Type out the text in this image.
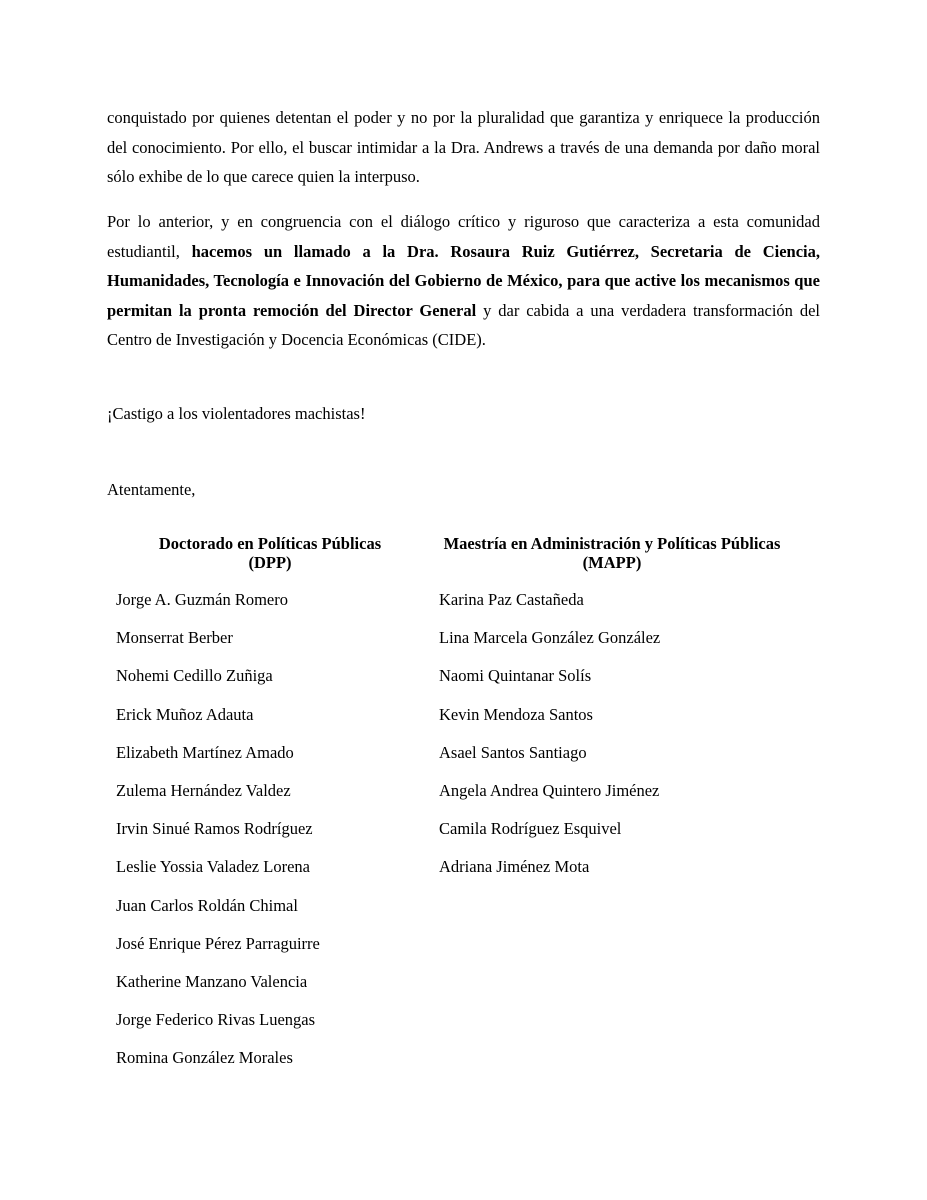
conquistado por quienes detentan el poder y no por la pluralidad que garantiza y enriquece la producción del conocimiento. Por ello, el buscar intimidar a la Dra. Andrews a través de una demanda por daño moral sólo exhibe de lo que carece quien la interpuso.

Por lo anterior, y en congruencia con el diálogo crítico y riguroso que caracteriza a esta comunidad estudiantil, hacemos un llamado a la Dra. Rosaura Ruiz Gutiérrez, Secretaria de Ciencia, Humanidades, Tecnología e Innovación del Gobierno de México, para que active los mecanismos que permitan la pronta remoción del Director General y dar cabida a una verdadera transformación del Centro de Investigación y Docencia Económicas (CIDE).

¡Castigo a los violentadores machistas!

Atentamente,

Doctorado en Políticas Públicas
(DPP)
Maestría en Administración y Políticas Públicas
(MAPP)
Jorge A. Guzmán Romero
Monserrat Berber
Nohemi Cedillo Zuñiga
Erick Muñoz Adauta
Elizabeth Martínez Amado
Zulema Hernández Valdez
Irvin Sinué Ramos Rodríguez
Leslie Yossia Valadez Lorena
Juan Carlos Roldán Chimal
José Enrique Pérez Parraguirre
Katherine Manzano Valencia
Jorge Federico Rivas Luengas
Romina González Morales
Karina Paz Castañeda
Lina Marcela González González
Naomi Quintanar Solís
Kevin Mendoza Santos
Asael Santos Santiago
Angela Andrea Quintero Jiménez
Camila Rodríguez Esquivel
Adriana Jiménez Mota
